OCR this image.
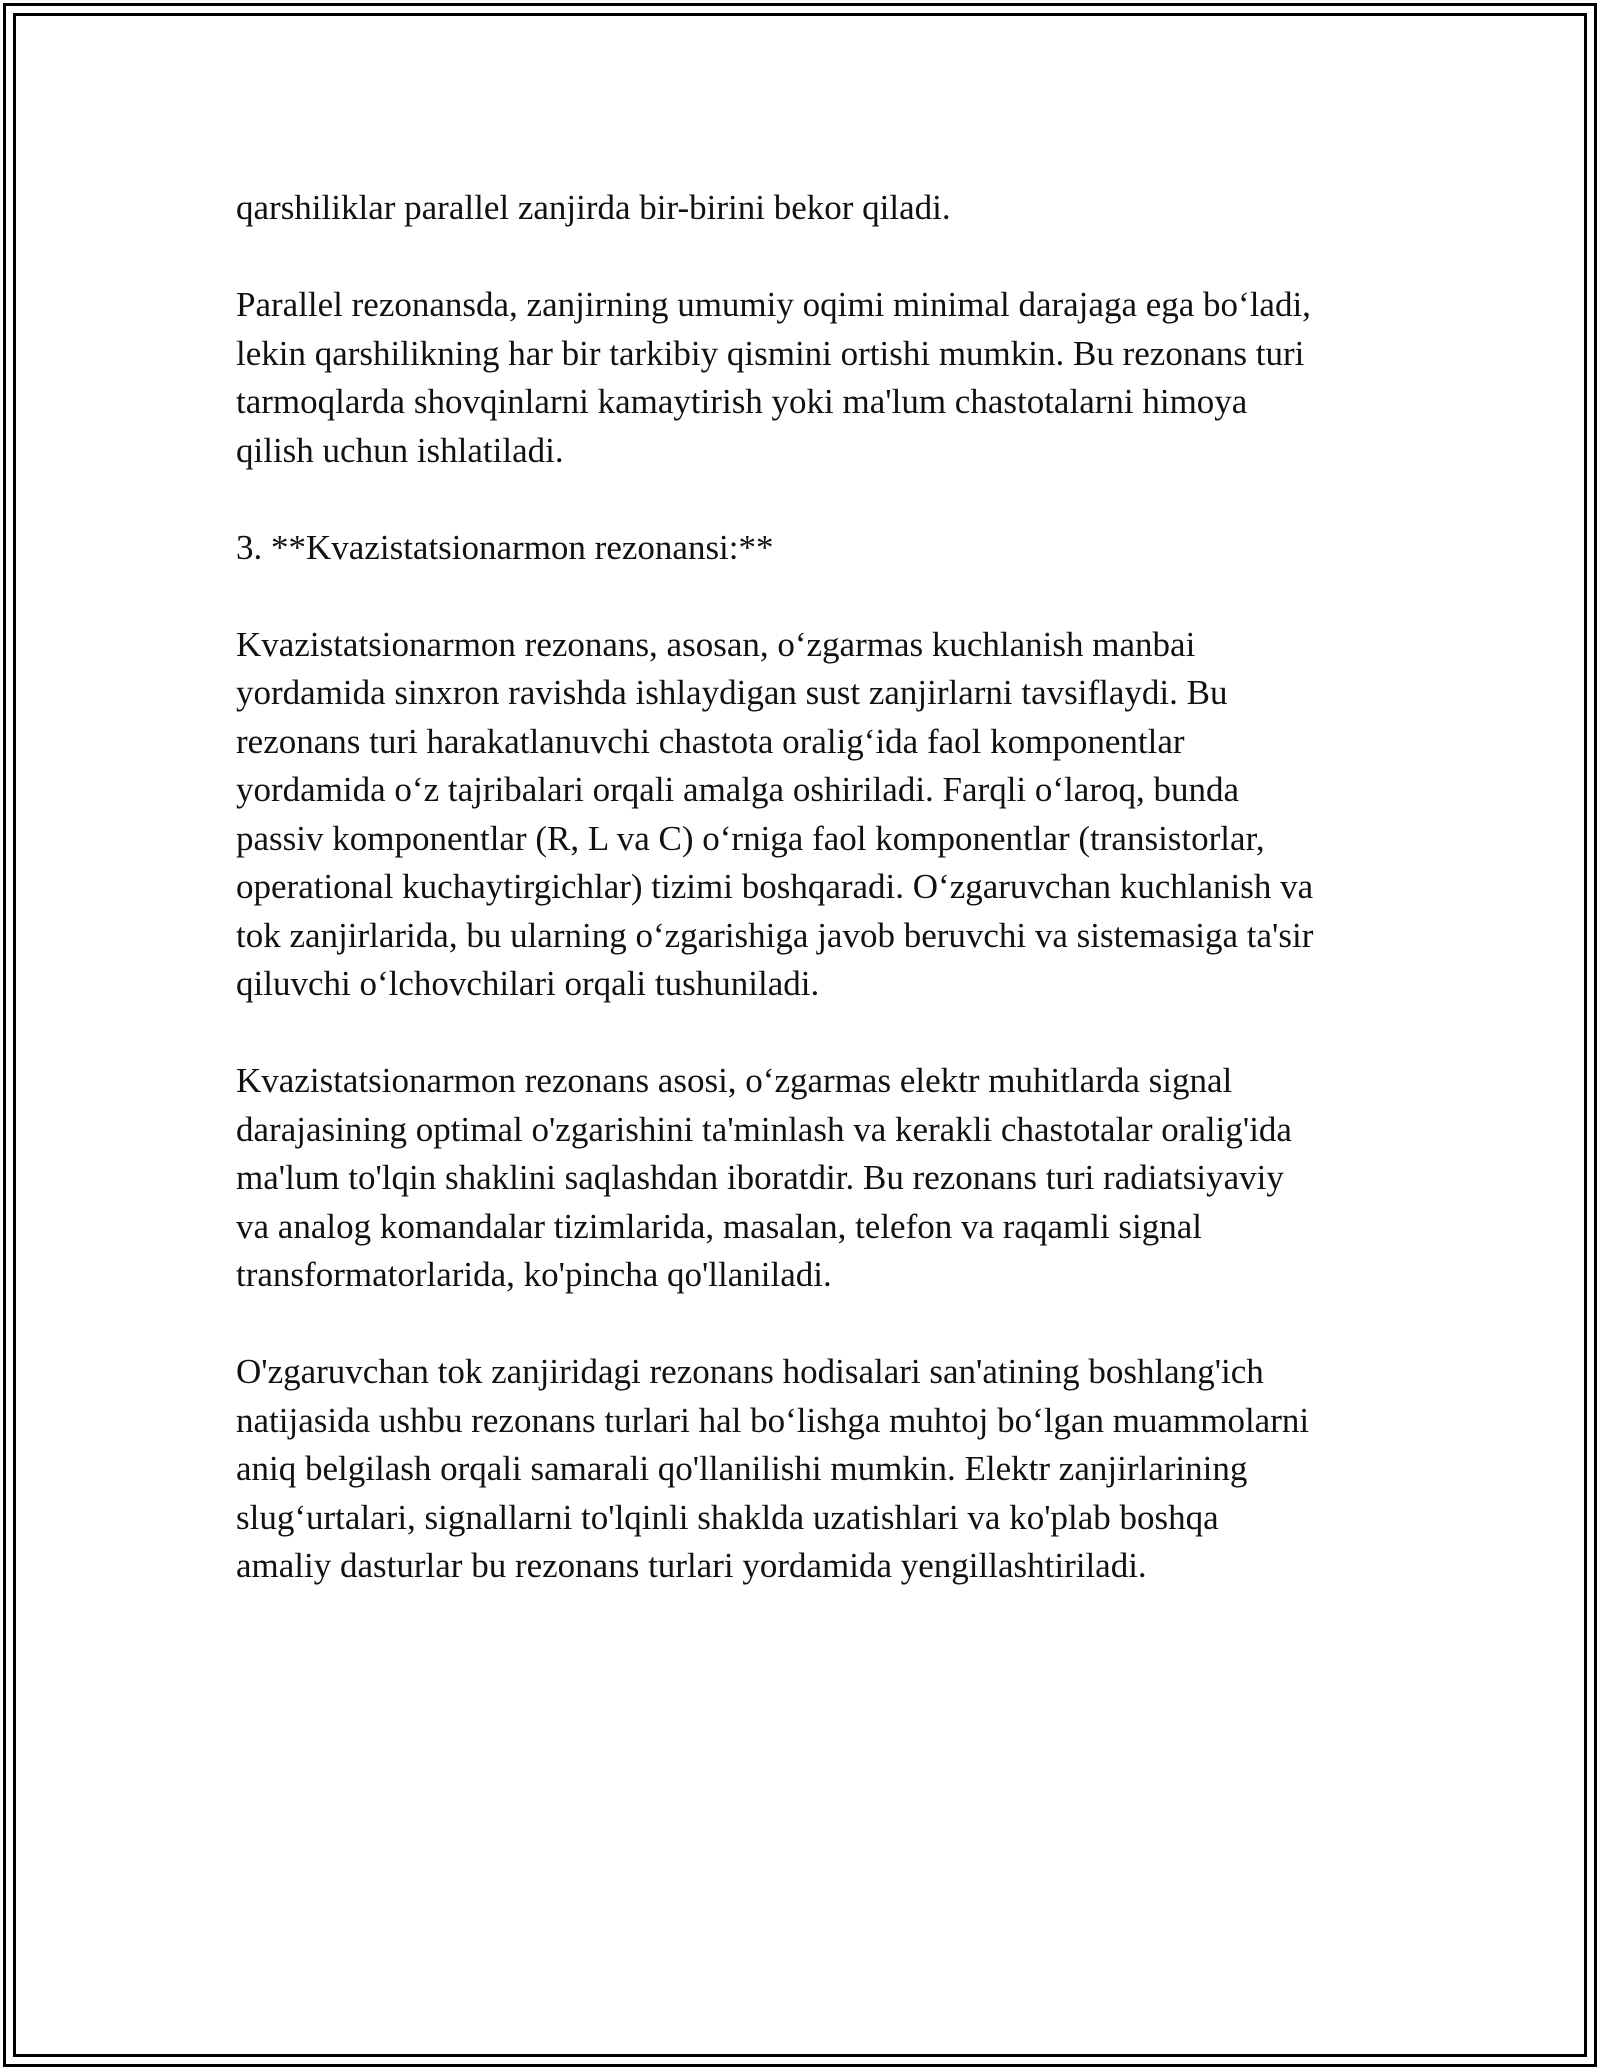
qarshiliklar parallel zanjirda bir-birini bekor qiladi.

Parallel rezonansda, zanjirning umumiy oqimi minimal darajaga ega bo‘ladi,
lekin qarshilikning har bir tarkibiy qismini ortishi mumkin. Bu rezonans turi
tarmoqlarda shovqinlarni kamaytirish yoki ma'lum chastotalarni himoya
qilish uchun ishlatiladi.

3. **Kvazistatsionarmon rezonansi:**

Kvazistatsionarmon rezonans, asosan, o‘zgarmas kuchlanish manbai
yordamida sinxron ravishda ishlaydigan sust zanjirlarni tavsiflaydi. Bu
rezonans turi harakatlanuvchi chastota oralig‘ida faol komponentlar
yordamida o‘z tajribalari orqali amalga oshiriladi. Farqli o‘laroq, bunda
passiv komponentlar (R, L va C) o‘rniga faol komponentlar (transistorlar,
operational kuchaytirgichlar) tizimi boshqaradi. O‘zgaruvchan kuchlanish va
tok zanjirlarida, bu ularning o‘zgarishiga javob beruvchi va sistemasiga ta'sir
qiluvchi o‘lchovchilari orqali tushuniladi.

Kvazistatsionarmon rezonans asosi, o‘zgarmas elektr muhitlarda signal
darajasining optimal o'zgarishini ta'minlash va kerakli chastotalar oralig'ida
ma'lum to'lqin shaklini saqlashdan iboratdir. Bu rezonans turi radiatsiyaviy
va analog komandalar tizimlarida, masalan, telefon va raqamli signal
transformatorlarida, ko'pincha qo'llaniladi.

O'zgaruvchan tok zanjiridagi rezonans hodisalari san'atining boshlang'ich
natijasida ushbu rezonans turlari hal bo‘lishga muhtoj bo‘lgan muammolarni
aniq belgilash orqali samarali qo'llanilishi mumkin. Elektr zanjirlarining
slug‘urtalari, signallarni to'lqinli shaklda uzatishlari va ko'plab boshqa
amaliy dasturlar bu rezonans turlari yordamida yengillashtiriladi.
